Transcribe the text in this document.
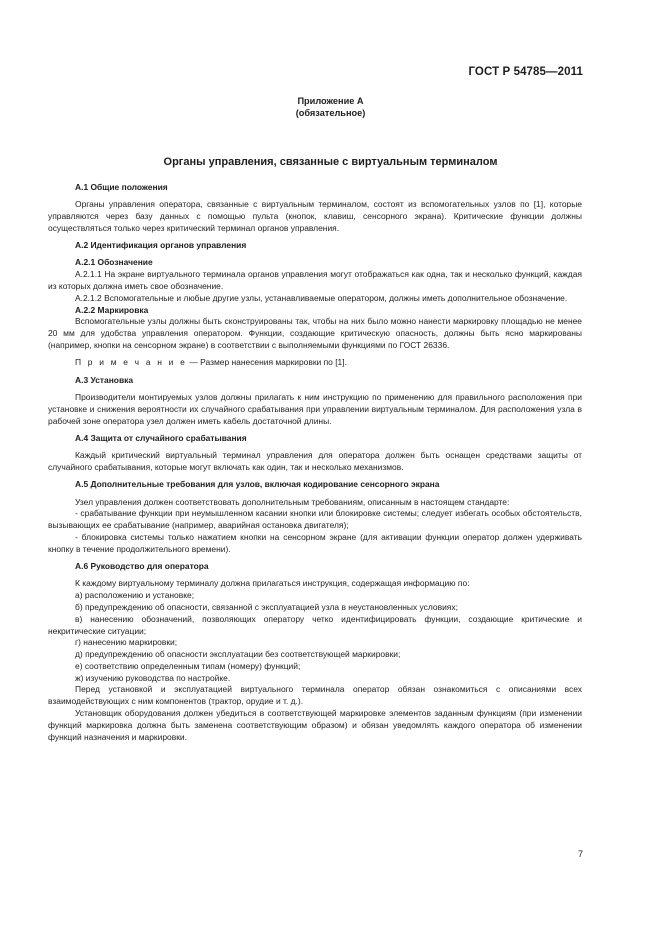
ГОСТ Р 54785—2011
Приложение А
(обязательное)
Органы управления, связанные с виртуальным терминалом

А.1 Общие положения

Органы управления оператора, связанные с виртуальным терминалом, состоят из вспомогательных узлов по [1], которые управляются через базу данных с помощью пульта (кнопок, клавиш, сенсорного экрана). Критические функции должны осуществляться только через критический терминал органов управления.

А.2 Идентификация органов управления

А.2.1 Обозначение

А.2.1.1 На экране виртуального терминала органов управления могут отображаться как одна, так и несколько функций, каждая из которых должна иметь свое обозначение.

А.2.1.2 Вспомогательные и любые другие узлы, устанавливаемые оператором, должны иметь дополнительное обозначение.

А.2.2 Маркировка

Вспомогательные узлы должны быть сконструированы так, чтобы на них было можно нанести маркировку площадью не менее 20 мм для удобства управления оператором. Функции, создающие критическую опасность, должны быть ясно маркированы (например, кнопки на сенсорном экране) в соответствии с выполняемыми функциями по ГОСТ 26336.

П р и м е ч а н и е — Размер нанесения маркировки по [1].

А.3 Установка

Производители монтируемых узлов должны прилагать к ним инструкцию по применению для правильного расположения при установке и снижения вероятности их случайного срабатывания при управлении виртуальным терминалом. Для расположения узла в рабочей зоне оператора узел должен иметь кабель достаточной длины.

А.4 Защита от случайного срабатывания

Каждый критический виртуальный терминал управления для оператора должен быть оснащен средствами защиты от случайного срабатывания, которые могут включать как один, так и несколько механизмов.

А.5 Дополнительные требования для узлов, включая кодирование сенсорного экрана

Узел управления должен соответствовать дополнительным требованиям, описанным в настоящем стандарте:

- срабатывание функции при неумышленном касании кнопки или блокировке системы; следует избегать особых обстоятельств, вызывающих ее срабатывание (например, аварийная остановка двигателя);

- блокировка системы только нажатием кнопки на сенсорном экране (для активации функции оператор должен удерживать кнопку в течение продолжительного времени).

А.6 Руководство для оператора

К каждому виртуальному терминалу должна прилагаться инструкция, содержащая информацию по:

а) расположению и установке;

б) предупреждению об опасности, связанной с эксплуатацией узла в неустановленных условиях;

в) нанесению обозначений, позволяющих оператору четко идентифицировать функции, создающие критические и некритические ситуации;

г) нанесению маркировки;

д) предупреждению об опасности эксплуатации без соответствующей маркировки;

е) соответствию определенным типам (номеру) функций;

ж) изучению руководства по настройке.

Перед установкой и эксплуатацией виртуального терминала оператор обязан ознакомиться с описаниями всех взаимодействующих с ним компонентов (трактор, орудие и т. д.).

Установщик оборудования должен убедиться в соответствующей маркировке элементов заданным функциям (при изменении функций маркировка должна быть заменена соответствующим образом) и обязан уведомлять каждого оператора об изменении функций назначения и маркировки.

7
